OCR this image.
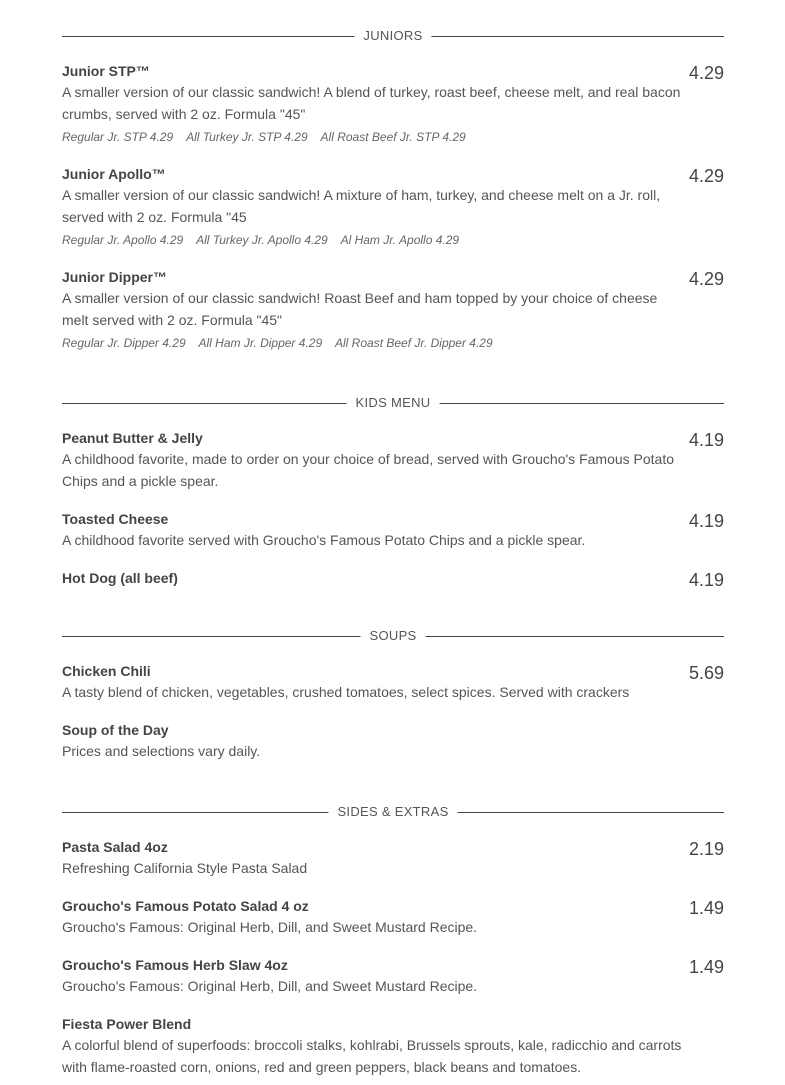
JUNIORS
Junior STP™
A smaller version of our classic sandwich! A blend of turkey, roast beef, cheese melt, and real bacon crumbs, served with 2 oz. Formula "45"
Regular Jr. STP 4.29 All Turkey Jr. STP 4.29 All Roast Beef Jr. STP 4.29
4.29
Junior Apollo™
A smaller version of our classic sandwich! A mixture of ham, turkey, and cheese melt on a Jr. roll, served with 2 oz. Formula "45
Regular Jr. Apollo 4.29 All Turkey Jr. Apollo 4.29 Al Ham Jr. Apollo 4.29
4.29
Junior Dipper™
A smaller version of our classic sandwich! Roast Beef and ham topped by your choice of cheese melt served with 2 oz. Formula "45"
Regular Jr. Dipper 4.29 All Ham Jr. Dipper 4.29 All Roast Beef Jr. Dipper 4.29
4.29
KIDS MENU
Peanut Butter & Jelly
A childhood favorite, made to order on your choice of bread, served with Groucho's Famous Potato Chips and a pickle spear.
4.19
Toasted Cheese
A childhood favorite served with Groucho's Famous Potato Chips and a pickle spear.
4.19
Hot Dog (all beef)	4.19
SOUPS
Chicken Chili
A tasty blend of chicken, vegetables, crushed tomatoes, select spices. Served with crackers
5.69
Soup of the Day
Prices and selections vary daily.
SIDES & EXTRAS
Pasta Salad 4oz
Refreshing California Style Pasta Salad
2.19
Groucho's Famous Potato Salad 4 oz
Groucho's Famous: Original Herb, Dill, and Sweet Mustard Recipe.
1.49
Groucho's Famous Herb Slaw 4oz
Groucho's Famous: Original Herb, Dill, and Sweet Mustard Recipe.
1.49
Fiesta Power Blend
A colorful blend of superfoods: broccoli stalks, kohlrabi, Brussels sprouts, kale, radicchio and carrots with flame-roasted corn, onions, red and green peppers, black beans and tomatoes.
